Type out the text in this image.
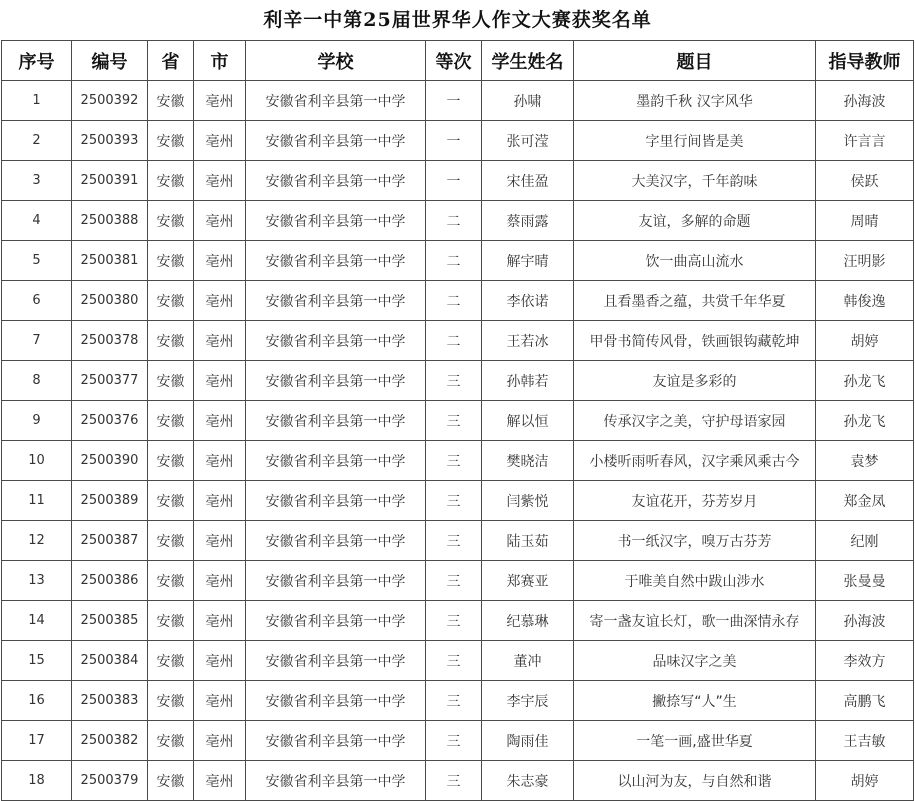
利辛一中第25届世界华人作文大赛获奖名单
序号	编号	省	市	学校	等次	学生姓名	题目	指导教师
1	2500392	安徽	亳州	安徽省利辛县第一中学	一	孙啸	墨韵千秋 汉字风华	孙海波
2	2500393	安徽	亳州	安徽省利辛县第一中学	一	张可滢	字里行间皆是美	许言言
3	2500391	安徽	亳州	安徽省利辛县第一中学	一	宋佳盈	大美汉字，千年韵味	侯跃
4	2500388	安徽	亳州	安徽省利辛县第一中学	二	蔡雨露	友谊，多解的命题	周晴
5	2500381	安徽	亳州	安徽省利辛县第一中学	二	解宇晴	饮一曲高山流水	汪明影
6	2500380	安徽	亳州	安徽省利辛县第一中学	二	李依诺	且看墨香之蕴，共赏千年华夏	韩俊逸
7	2500378	安徽	亳州	安徽省利辛县第一中学	二	王若冰	甲骨书简传风骨，铁画银钩藏乾坤	胡婷
8	2500377	安徽	亳州	安徽省利辛县第一中学	三	孙韩若	友谊是多彩的	孙龙飞
9	2500376	安徽	亳州	安徽省利辛县第一中学	三	解以恒	传承汉字之美，守护母语家园	孙龙飞
10	2500390	安徽	亳州	安徽省利辛县第一中学	三	樊晓洁	小楼听雨听春风，汉字乘风乘古今	袁梦
11	2500389	安徽	亳州	安徽省利辛县第一中学	三	闫紫悦	友谊花开，芬芳岁月	郑金凤
12	2500387	安徽	亳州	安徽省利辛县第一中学	三	陆玉茹	书一纸汉字，嗅万古芬芳	纪刚
13	2500386	安徽	亳州	安徽省利辛县第一中学	三	郑赛亚	于唯美自然中跋山涉水	张曼曼
14	2500385	安徽	亳州	安徽省利辛县第一中学	三	纪慕琳	寄一盏友谊长灯，歌一曲深情永存	孙海波
15	2500384	安徽	亳州	安徽省利辛县第一中学	三	董冲	品味汉字之美	李效方
16	2500383	安徽	亳州	安徽省利辛县第一中学	三	李宇辰	撇捺写“人”生	高鹏飞
17	2500382	安徽	亳州	安徽省利辛县第一中学	三	陶雨佳	一笔一画,盛世华夏	王吉敏
18	2500379	安徽	亳州	安徽省利辛县第一中学	三	朱志豪	以山河为友，与自然和谐	胡婷
